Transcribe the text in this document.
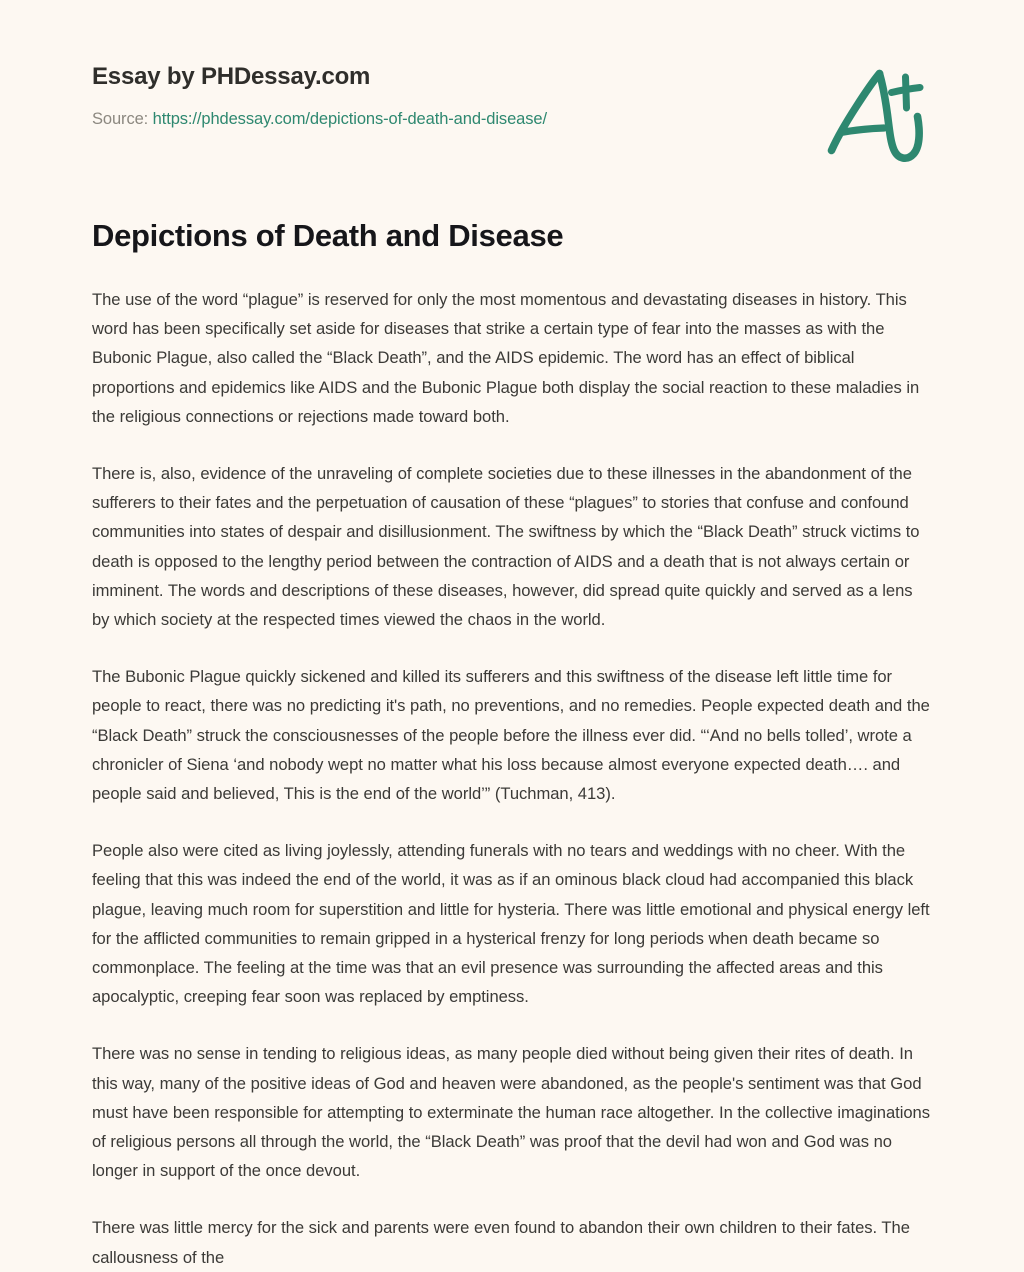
Essay by PHDessay.com
Source: https://phdessay.com/depictions-of-death-and-disease/
Depictions of Death and Disease

The use of the word “plague” is reserved for only the most momentous and devastating diseases in history. This word has been specifically set aside for diseases that strike a certain type of fear into the masses as with the Bubonic Plague, also called the “Black Death”, and the AIDS epidemic. The word has an effect of biblical proportions and epidemics like AIDS and the Bubonic Plague both display the social reaction to these maladies in the religious connections or rejections made toward both.

There is, also, evidence of the unraveling of complete societies due to these illnesses in the abandonment of the sufferers to their fates and the perpetuation of causation of these “plagues” to stories that confuse and confound communities into states of despair and disillusionment. The swiftness by which the “Black Death” struck victims to death is opposed to the lengthy period between the contraction of AIDS and a death that is not always certain or imminent. The words and descriptions of these diseases, however, did spread quite quickly and served as a lens by which society at the respected times viewed the chaos in the world.

The Bubonic Plague quickly sickened and killed its sufferers and this swiftness of the disease left little time for people to react, there was no predicting it's path, no preventions, and no remedies. People expected death and the “Black Death” struck the consciousnesses of the people before the illness ever did. “‘And no bells tolled’, wrote a chronicler of Siena ‘and nobody wept no matter what his loss because almost everyone expected death…. and people said and believed, This is the end of the world’” (Tuchman, 413).

People also were cited as living joylessly, attending funerals with no tears and weddings with no cheer. With the feeling that this was indeed the end of the world, it was as if an ominous black cloud had accompanied this black plague, leaving much room for superstition and little for hysteria. There was little emotional and physical energy left for the afflicted communities to remain gripped in a hysterical frenzy for long periods when death became so commonplace. The feeling at the time was that an evil presence was surrounding the affected areas and this apocalyptic, creeping fear soon was replaced by emptiness.

There was no sense in tending to religious ideas, as many people died without being given their rites of death. In this way, many of the positive ideas of God and heaven were abandoned, as the people's sentiment was that God must have been responsible for attempting to exterminate the human race altogether. In the collective imaginations of religious persons all through the world, the “Black Death” was proof that the devil had won and God was no longer in support of the once devout.

There was little mercy for the sick and parents were even found to abandon their own children to their fates. The callousness of the
